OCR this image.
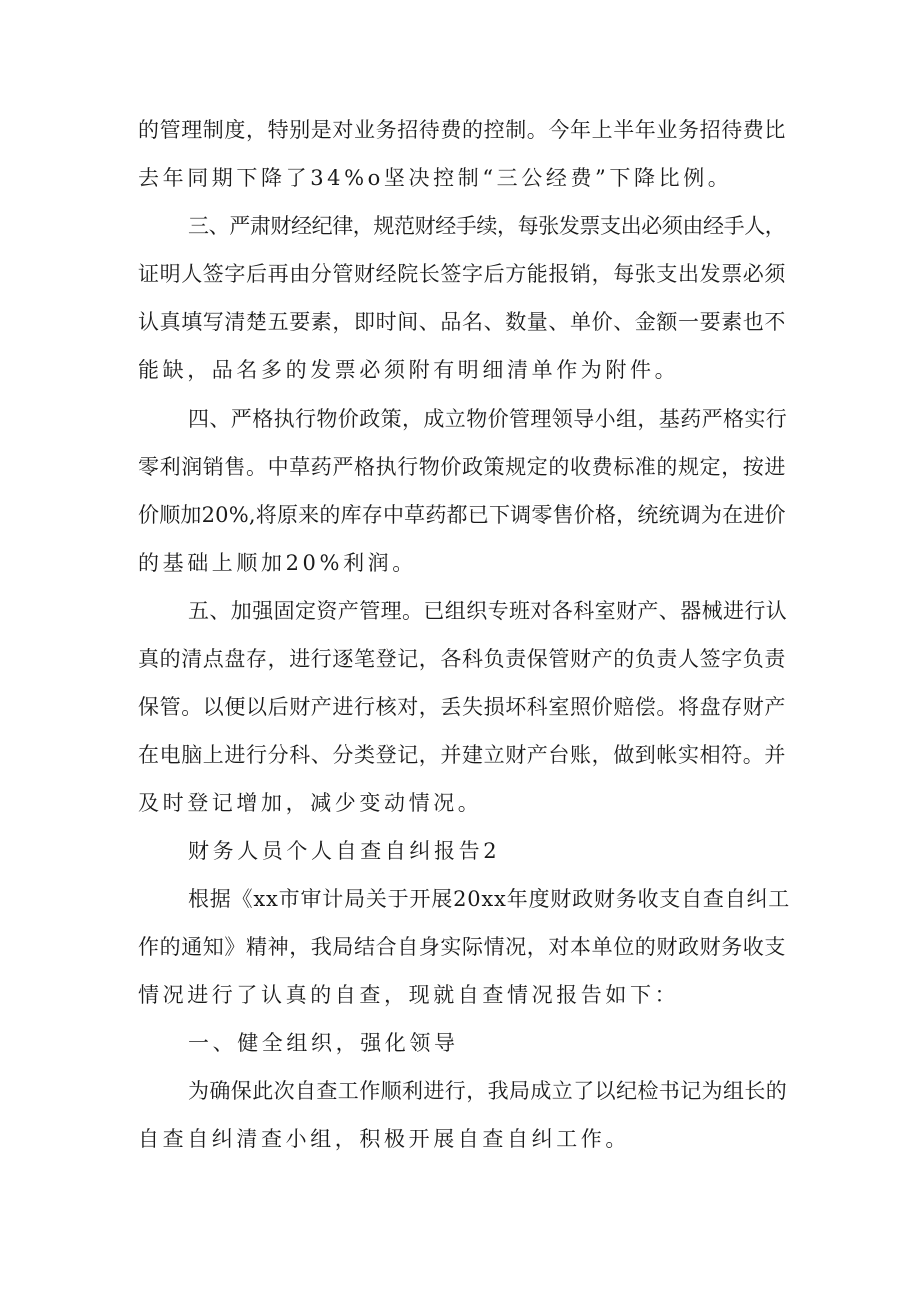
的管理制度，特别是对业务招待费的控制。今年上半年业务招待费比

去年同期下降了34%o坚决控制“三公经费”下降比例。

三、严肃财经纪律，规范财经手续，每张发票支出必须由经手人，

证明人签字后再由分管财经院长签字后方能报销，每张支出发票必须

认真填写清楚五要素，即时间、品名、数量、单价、金额一要素也不

能缺，品名多的发票必须附有明细清单作为附件。

四、严格执行物价政策，成立物价管理领导小组，基药严格实行

零利润销售。中草药严格执行物价政策规定的收费标准的规定，按进

价顺加20%,将原来的库存中草药都已下调零售价格，统统调为在进价

的基础上顺加20%利润。

五、加强固定资产管理。已组织专班对各科室财产、器械进行认

真的清点盘存，进行逐笔登记，各科负责保管财产的负责人签字负责

保管。以便以后财产进行核对，丢失损坏科室照价赔偿。将盘存财产

在电脑上进行分科、分类登记，并建立财产台账，做到帐实相符。并

及时登记增加，减少变动情况。

财务人员个人自查自纠报告2

根据《xx市审计局关于开展20xx年度财政财务收支自查自纠工

作的通知》精神，我局结合自身实际情况，对本单位的财政财务收支

情况进行了认真的自查，现就自查情况报告如下：

一、健全组织，强化领导

为确保此次自查工作顺利进行，我局成立了以纪检书记为组长的

自查自纠清查小组，积极开展自查自纠工作。
